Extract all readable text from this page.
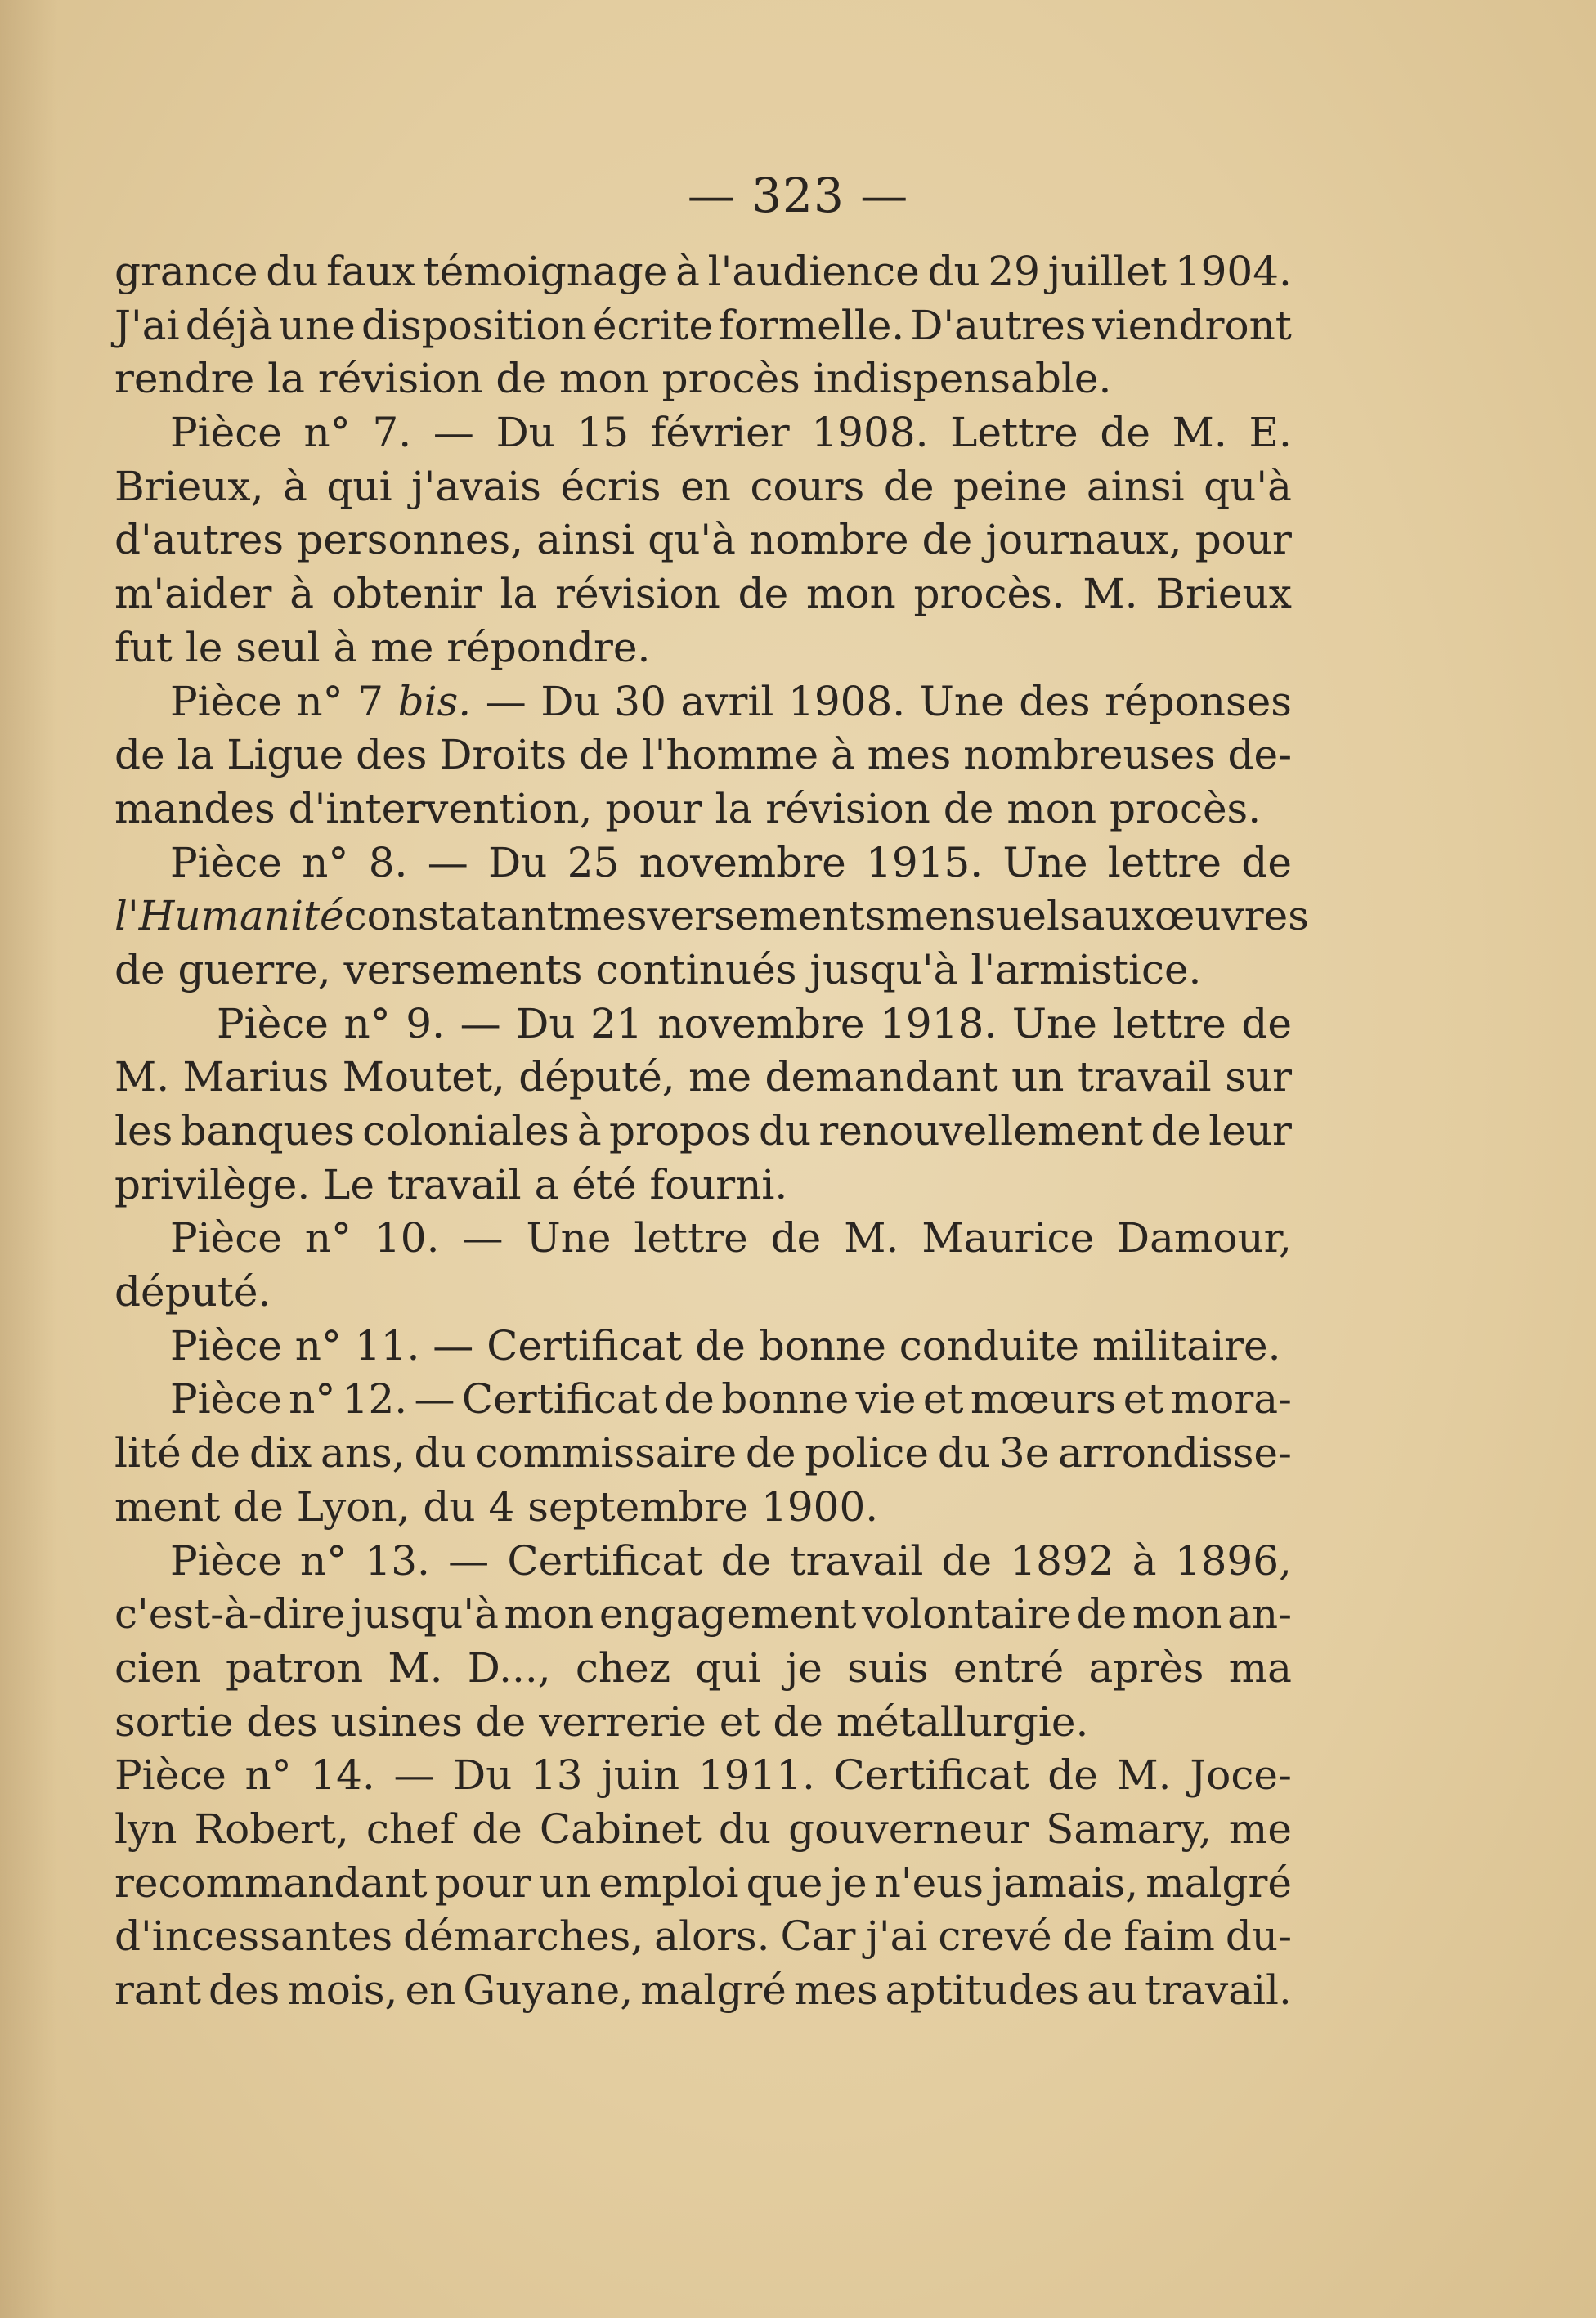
— 323 —
grance du faux témoignage à l'audience du 29 juillet 1904.
J'ai déjà une disposition écrite formelle. D'autres viendront
rendre la révision de mon procès indispensable.
Pièce n° 7. — Du 15 février 1908. Lettre de M. E.
Brieux, à qui j'avais écris en cours de peine ainsi qu'à
d'autres personnes, ainsi qu'à nombre de journaux, pour
m'aider à obtenir la révision de mon procès. M. Brieux
fut le seul à me répondre.
Pièce n° 7 bis. — Du 30 avril 1908. Une des réponses
de la Ligue des Droits de l'homme à mes nombreuses de-
mandes d'intervention, pour la révision de mon procès.
Pièce n° 8. — Du 25 novembre 1915. Une lettre de
l'Humanité constatant mes versements mensuels aux œuvres
de guerre, versements continués jusqu'à l'armistice.
Pièce n° 9. — Du 21 novembre 1918. Une lettre de
M. Marius Moutet, député, me demandant un travail sur
les banques coloniales à propos du renouvellement de leur
privilège. Le travail a été fourni.
Pièce n° 10. — Une lettre de M. Maurice Damour,
député.
Pièce n° 11. — Certificat de bonne conduite militaire.
Pièce n° 12. — Certificat de bonne vie et mœurs et mora-
lité de dix ans, du commissaire de police du 3e arrondisse-
ment de Lyon, du 4 septembre 1900.
Pièce n° 13. — Certificat de travail de 1892 à 1896,
c'est-à-dire jusqu'à mon engagement volontaire de mon an-
cien patron M. D..., chez qui je suis entré après ma
sortie des usines de verrerie et de métallurgie.
Pièce n° 14. — Du 13 juin 1911. Certificat de M. Joce-
lyn Robert, chef de Cabinet du gouverneur Samary, me
recommandant pour un emploi que je n'eus jamais, malgré
d'incessantes démarches, alors. Car j'ai crevé de faim du-
rant des mois, en Guyane, malgré mes aptitudes au travail.
